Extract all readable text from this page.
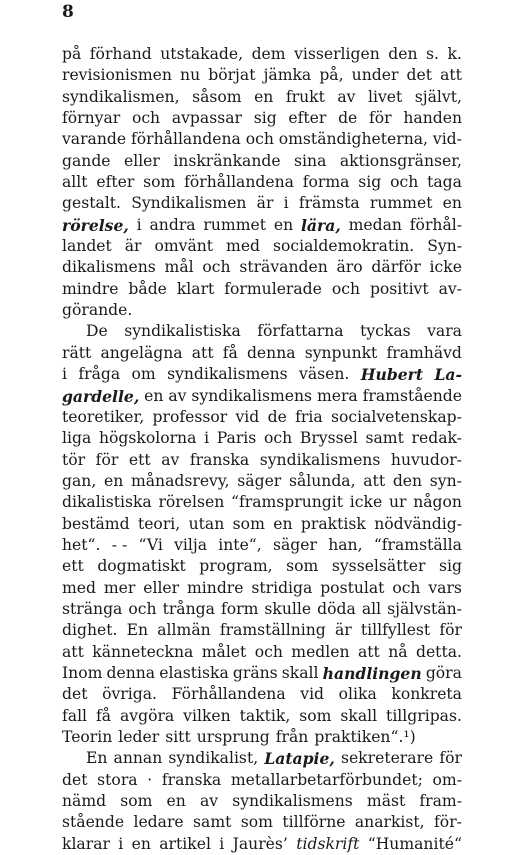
8
på förhand utstakade, dem visserligen den s. k.
revisionismen nu börjat jämka på, under det att
syndikalismen, såsom en frukt av livet självt,
förnyar och avpassar sig efter de för handen
varande förhållandena och omständigheterna, vid-
gande eller inskränkande sina aktionsgränser,
allt efter som förhållandena forma sig och taga
gestalt. Syndikalismen är i främsta rummet en
rörelse, i andra rummet en lära, medan förhål-
landet är omvänt med socialdemokratin. Syn-
dikalismens mål och strävanden äro därför icke
mindre både klart formulerade och positivt av-
görande.
De syndikalistiska författarna tyckas vara
rätt angelägna att få denna synpunkt framhävd
i fråga om syndikalismens väsen. Hubert La-
gardelle, en av syndikalismens mera framstående
teoretiker, professor vid de fria socialvetenskap-
liga högskolorna i Paris och Bryssel samt redak-
tör för ett av franska syndikalismens huvudor-
gan, en månadsrevy, säger sålunda, att den syn-
dikalistiska rörelsen “framsprungit icke ur någon
bestämd teori, utan som en praktisk nödvändig-
het“. - - “Vi vilja inte“, säger han, “framställa
ett dogmatiskt program, som sysselsätter sig
med mer eller mindre stridiga postulat och vars
stränga och trånga form skulle döda all självstän-
dighet. En allmän framställning är tillfyllest för
att känneteckna målet och medlen att nå detta.
Inom denna elastiska gräns skall handlingen göra
det övriga. Förhållandena vid olika konkreta
fall få avgöra vilken taktik, som skall tillgripas.
Teorin leder sitt ursprung från praktiken“.¹)
En annan syndikalist, Latapie, sekreterare för
det stora · franska metallarbetarförbundet; om-
nämd som en av syndikalismens mäst fram-
stående ledare samt som tillförne anarkist, för-
klarar i en artikel i Jaurès’ tidskrift “Humanité“
